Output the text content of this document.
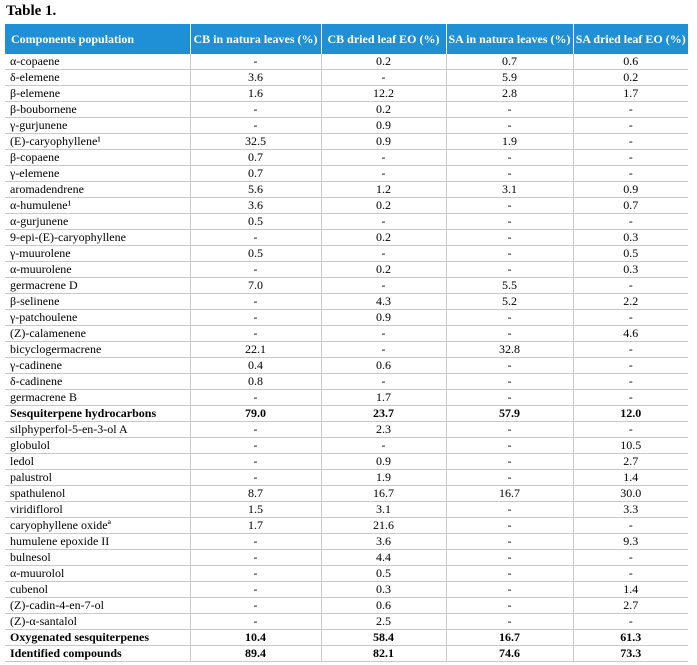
Table 1.
Components population	CB in natura leaves (%)	CB dried leaf EO (%)	SA in natura leaves (%)	SA dried leaf EO (%)
α-copaene	-	0.2	0.7	0.6
δ-elemene	3.6	-	5.9	0.2
β-elemene	1.6	12.2	2.8	1.7
β-boubornene	-	0.2	-	-
γ-gurjunene	-	0.9	-	-
(E)-caryophyllene¹	32.5	0.9	1.9	-
β-copaene	0.7	-	-	-
γ-elemene	0.7	-	-	-
aromadendrene	5.6	1.2	3.1	0.9
α-humulene¹	3.6	0.2	-	0.7
α-gurjunene	0.5	-	-	-
9-epi-(E)-caryophyllene	-	0.2	-	0.3
γ-muurolene	0.5	-	-	0.5
α-muurolene	-	0.2	-	0.3
germacrene D	7.0	-	5.5	-
β-selinene	-	4.3	5.2	2.2
γ-patchoulene	-	0.9	-	-
(Z)-calamenene	-	-	-	4.6
bicyclogermacrene	22.1	-	32.8	-
γ-cadinene	0.4	0.6	-	-
δ-cadinene	0.8	-	-	-
germacrene B	-	1.7	-	-
Sesquiterpene hydrocarbons	79.0	23.7	57.9	12.0
silphyperfol-5-en-3-ol A	-	2.3	-	-
globulol	-	-	-	10.5
ledol	-	0.9	-	2.7
palustrol	-	1.9	-	1.4
spathulenol	8.7	16.7	16.7	30.0
viridiflorol	1.5	3.1	-	3.3
caryophyllene oxideª	1.7	21.6	-	-
humulene epoxide II	-	3.6	-	9.3
bulnesol	-	4.4	-	-
α-muurolol	-	0.5	-	-
cubenol	-	0.3	-	1.4
(Z)-cadin-4-en-7-ol	-	0.6	-	2.7
(Z)-α-santalol	-	2.5	-	-
Oxygenated sesquiterpenes	10.4	58.4	16.7	61.3
Identified compounds	89.4	82.1	74.6	73.3
